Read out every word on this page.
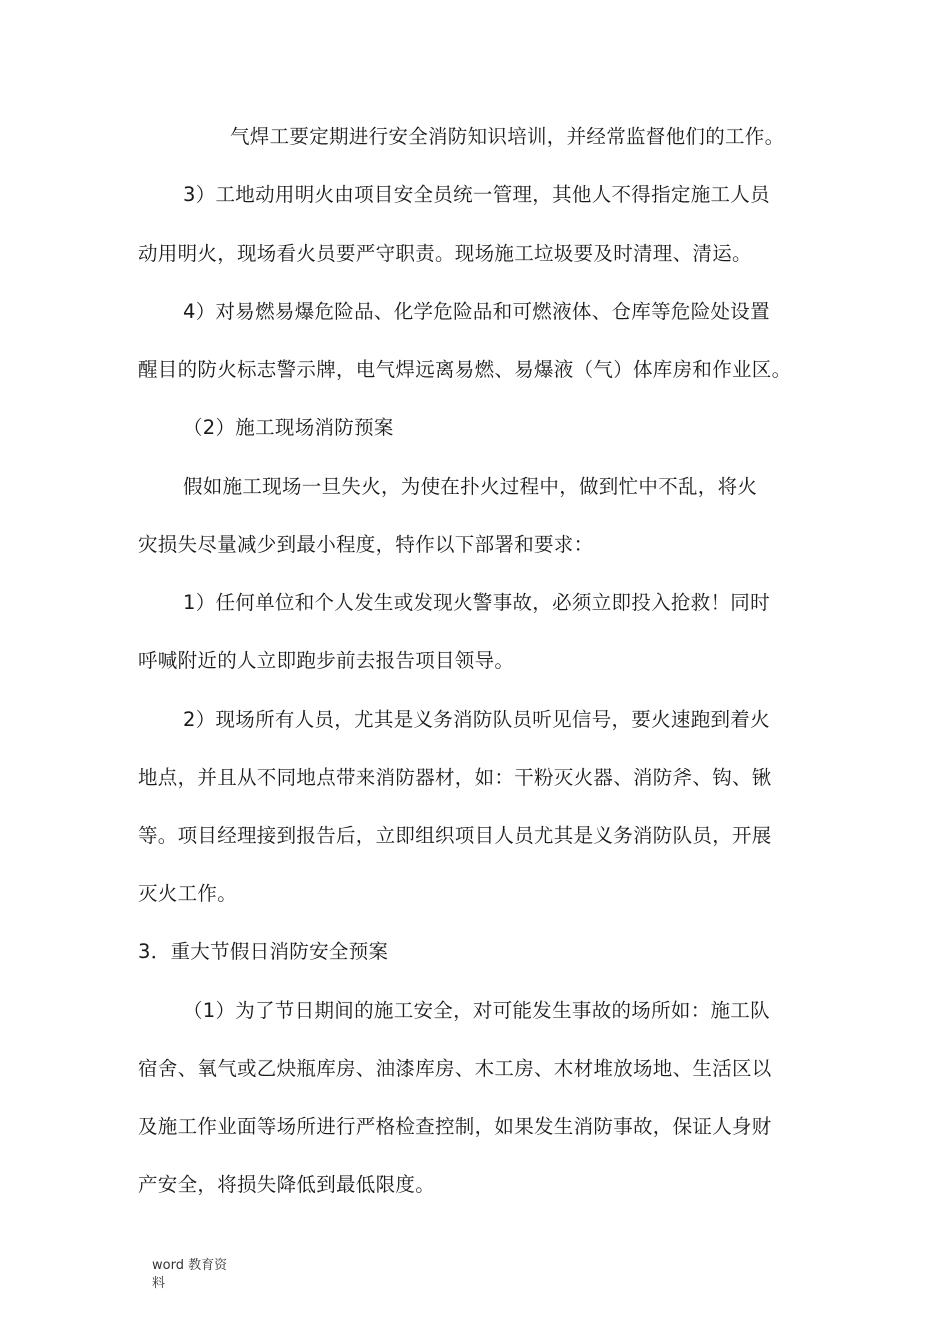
气焊工要定期进行安全消防知识培训，并经常监督他们的工作。

3）工地动用明火由项目安全员统一管理，其他人不得指定施工人员

动用明火，现场看火员要严守职责。现场施工垃圾要及时清理、清运。

4）对易燃易爆危险品、化学危险品和可燃液体、仓库等危险处设置

醒目的防火标志警示牌，电气焊远离易燃、易爆液（气）体库房和作业区。

（2）施工现场消防预案

假如施工现场一旦失火，为使在扑火过程中，做到忙中不乱，将火

灾损失尽量减少到最小程度，特作以下部署和要求：

1）任何单位和个人发生或发现火警事故，必须立即投入抢救！同时

呼喊附近的人立即跑步前去报告项目领导。

2）现场所有人员，尤其是义务消防队员听见信号，要火速跑到着火

地点，并且从不同地点带来消防器材，如：干粉灭火器、消防斧、钩、锹

等。项目经理接到报告后，立即组织项目人员尤其是义务消防队员，开展

灭火工作。

3．重大节假日消防安全预案

（1）为了节日期间的施工安全，对可能发生事故的场所如：施工队

宿舍、氧气或乙炔瓶库房、油漆库房、木工房、木材堆放场地、生活区以

及施工作业面等场所进行严格检查控制，如果发生消防事故，保证人身财

产安全，将损失降低到最低限度。

word 教育资
料
